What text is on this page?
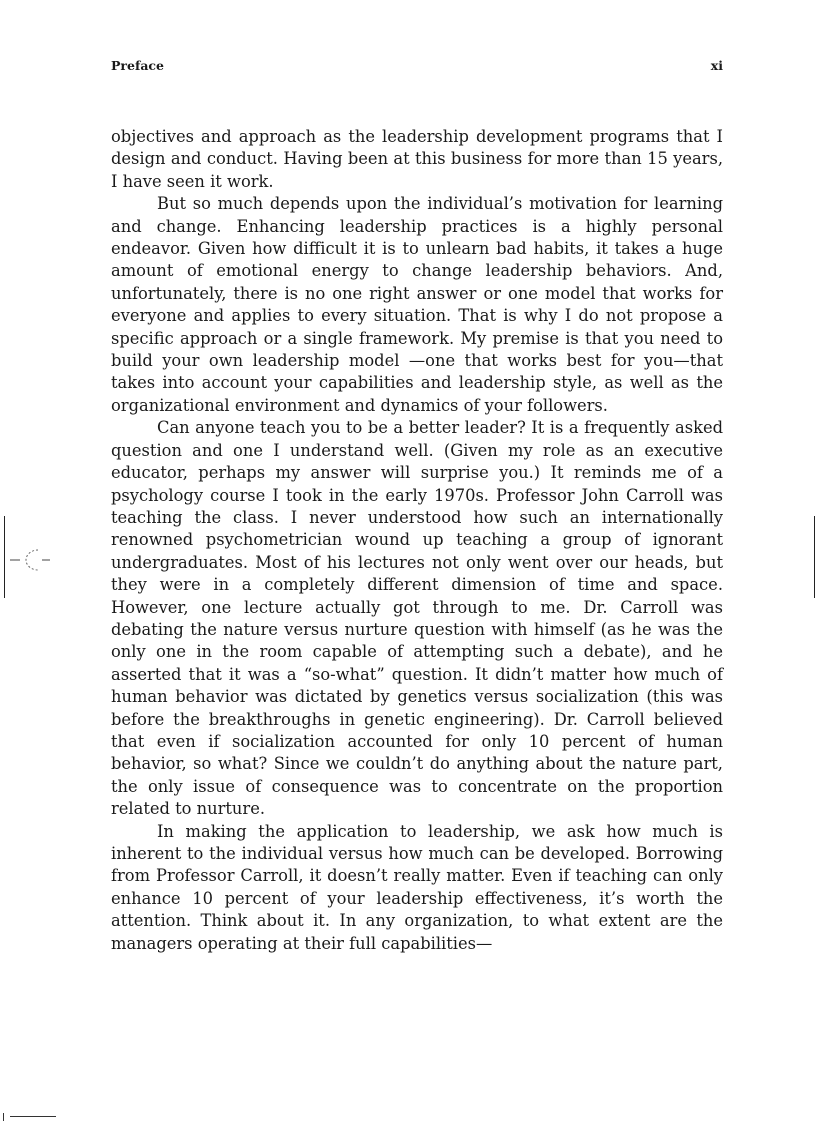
Preface	xi

objectives and approach as the leadership development programs that I design and conduct. Having been at this business for more than 15 years, I have seen it work.

But so much depends upon the individual’s motivation for learning and change. Enhancing leadership practices is a highly personal endeavor. Given how difficult it is to unlearn bad habits, it takes a huge amount of emotional energy to change leadership behaviors. And, unfortunately, there is no one right answer or one model that works for everyone and applies to every situation. That is why I do not propose a specific approach or a single framework. My premise is that you need to build your own leadership model —one that works best for you—that takes into account your capabilities and leadership style, as well as the organizational environment and dynamics of your followers.

Can anyone teach you to be a better leader? It is a frequently asked question and one I understand well. (Given my role as an executive educator, perhaps my answer will surprise you.) It reminds me of a psychology course I took in the early 1970s. Professor John Carroll was teaching the class. I never understood how such an internationally renowned psychometrician wound up teaching a group of ignorant undergraduates. Most of his lectures not only went over our heads, but they were in a completely different dimension of time and space. However, one lecture actually got through to me. Dr. Carroll was debating the nature versus nurture question with himself (as he was the only one in the room capable of attempting such a debate), and he asserted that it was a “so-what” question. It didn’t matter how much of human behavior was dictated by genetics versus socialization (this was before the breakthroughs in genetic engineering). Dr. Carroll believed that even if socialization accounted for only 10 percent of human behavior, so what? Since we couldn’t do anything about the nature part, the only issue of consequence was to concentrate on the proportion related to nurture.

In making the application to leadership, we ask how much is inherent to the individual versus how much can be developed. Borrowing from Professor Carroll, it doesn’t really matter. Even if teaching can only enhance 10 percent of your leadership effectiveness, it’s worth the attention. Think about it. In any organization, to what extent are the managers operating at their full capabilities—
